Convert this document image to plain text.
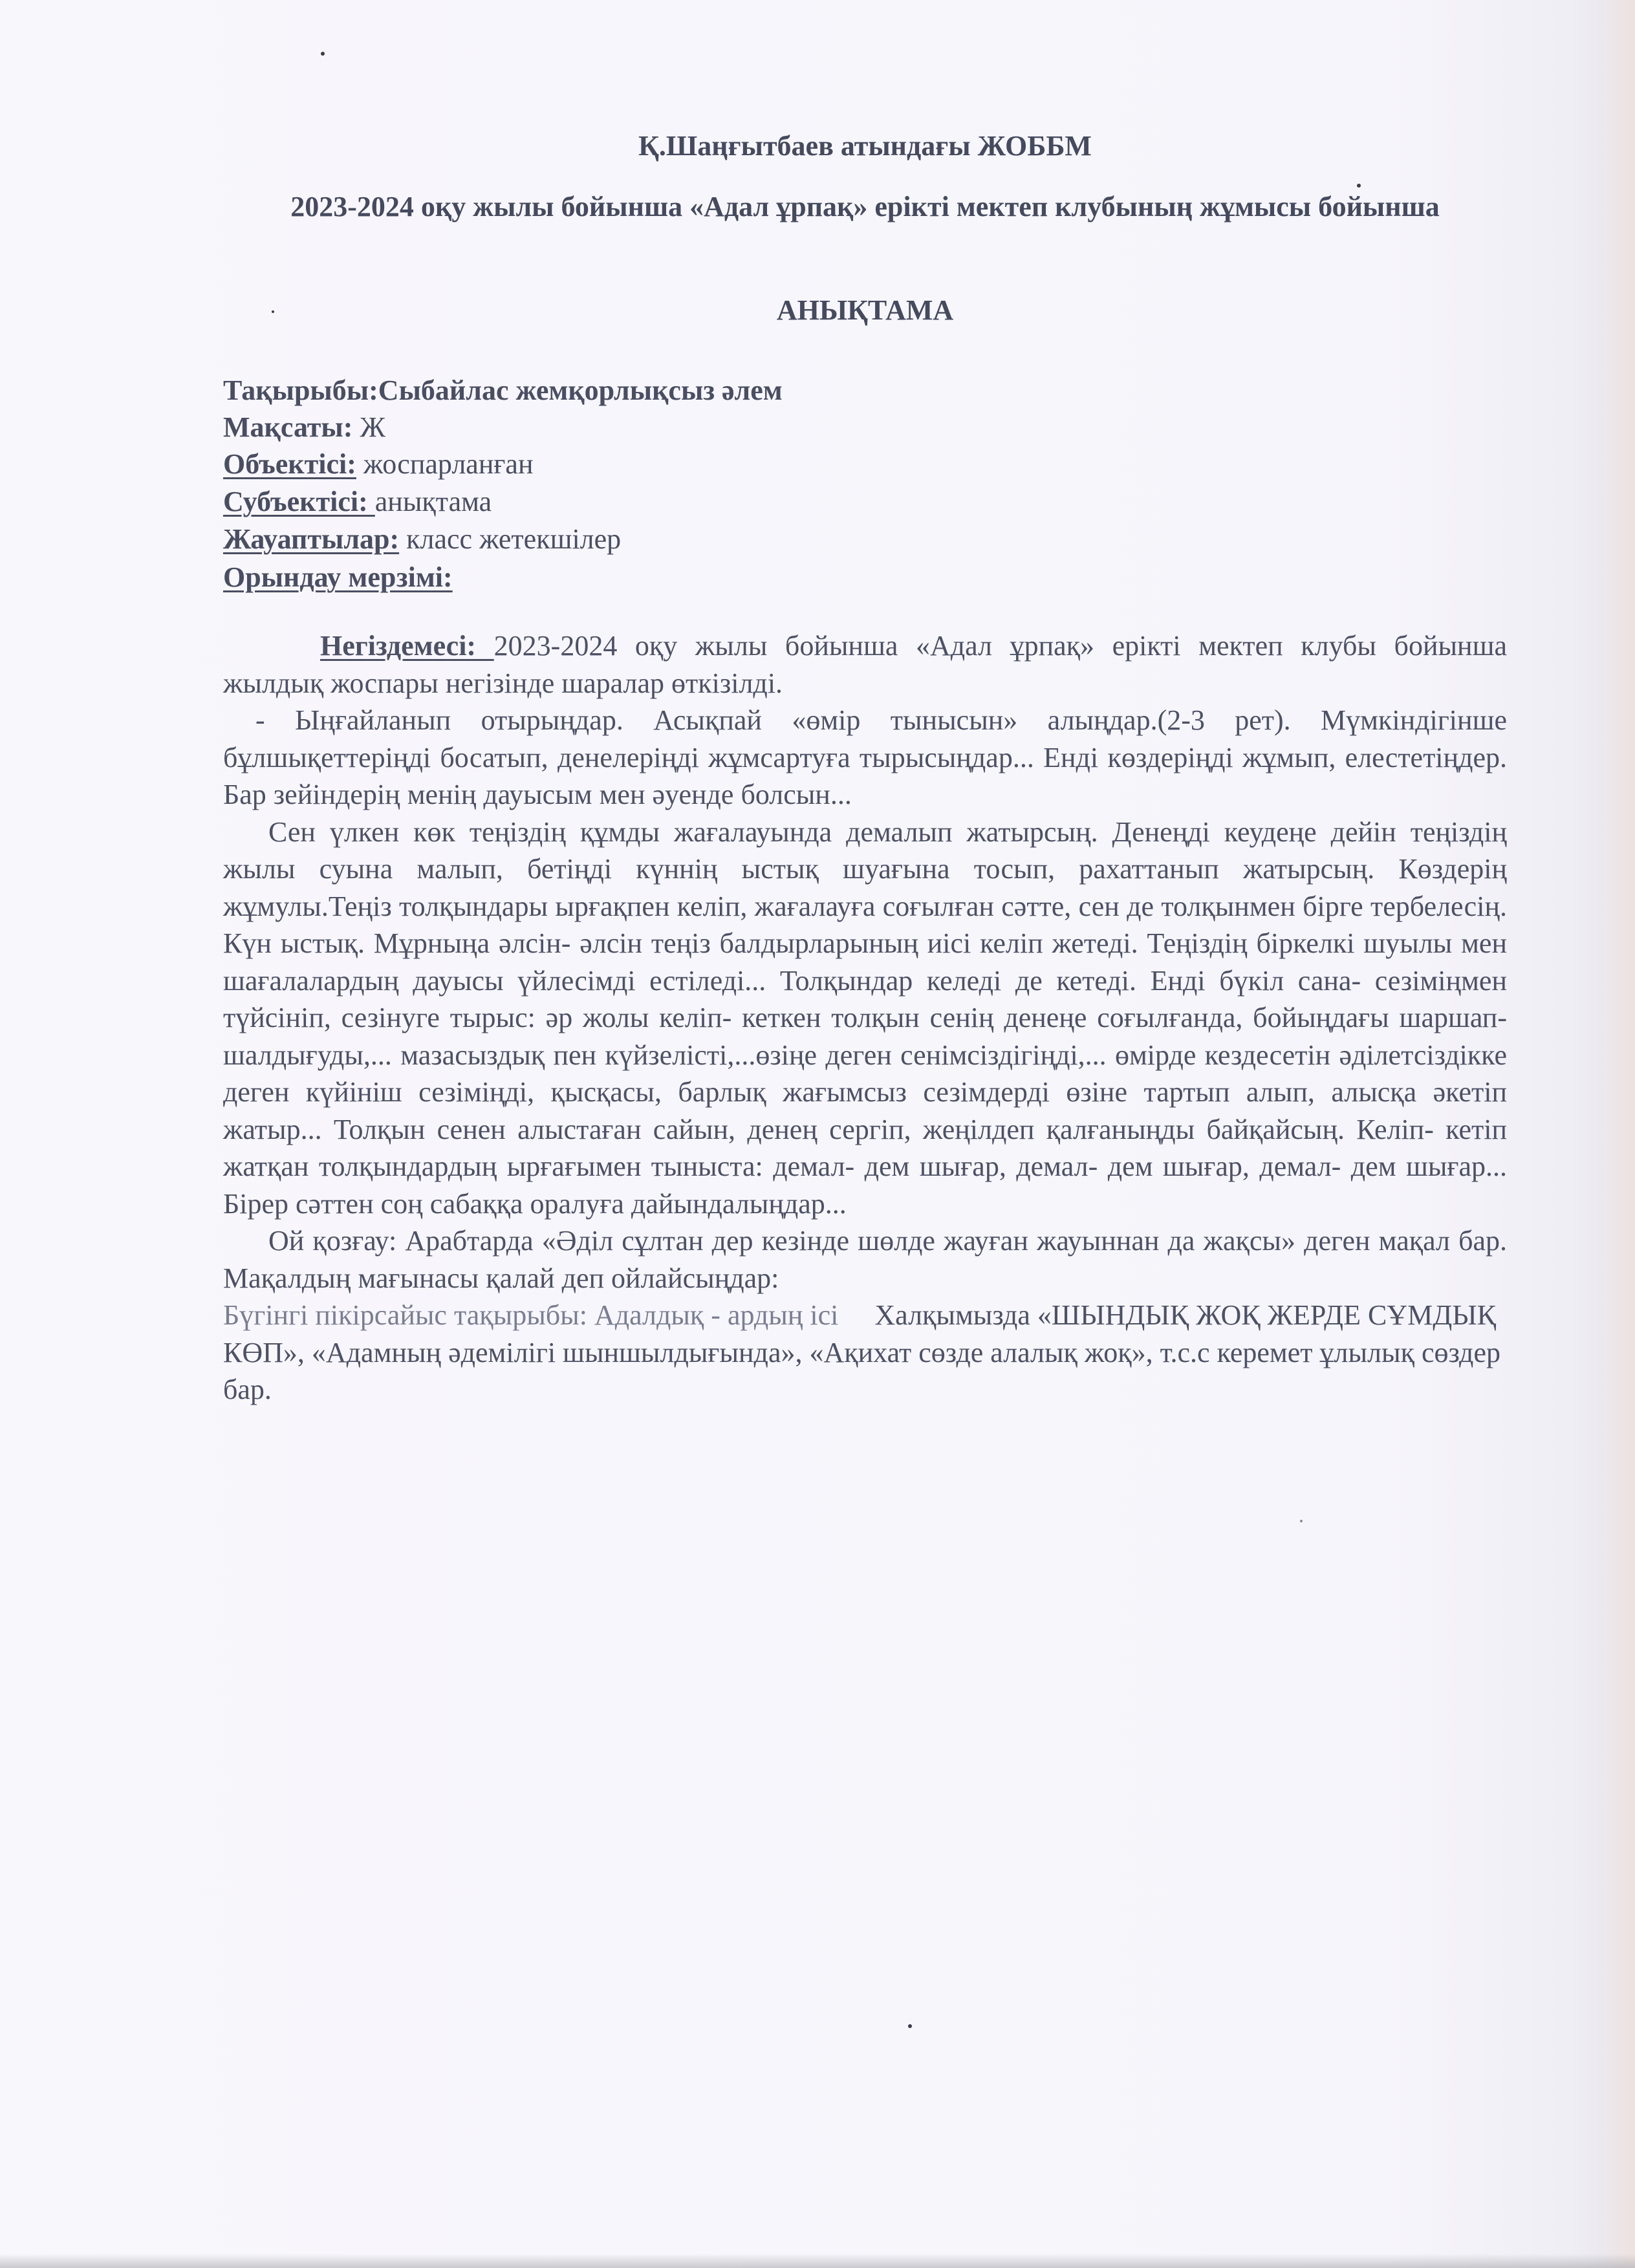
Қ.Шаңғытбаев атындағы ЖОББМ
2023-2024 оқу жылы бойынша «Адал ұрпақ» ерікті мектеп клубының жұмысы бойынша
АНЫҚТАМА
Тақырыбы:Сыбайлас жемқорлықсыз әлем
Мақсаты: Ж
Объектісі: жоспарланған
Субъектісі: анықтама
Жауаптылар: класс жетекшілер
Орындау мерзімі:

Негіздемесі: 2023-2024 оқу жылы бойынша «Адал ұрпақ» ерікті мектеп клубы бойынша жылдық жоспары негізінде шаралар өткізілді.

- Ыңғайланып отырыңдар. Асықпай «өмір тынысын» алыңдар.(2-3 рет). Мүмкіндігінше бұлшықеттеріңді босатып, денелеріңді жұмсартуға тырысыңдар... Енді көздеріңді жұмып, елестетіңдер. Бар зейіндерің менің дауысым мен әуенде болсын...

Сен үлкен көк теңіздің құмды жағалауында демалып жатырсың. Денеңді кеудеңе дейін теңіздің жылы суына малып, бетіңді күннің ыстық шуағына тосып, рахаттанып жатырсың. Көздерің жұмулы.Теңіз толқындары ырғақпен келіп, жағалауға соғылған сәтте, сен де толқынмен бірге тербелесің. Күн ыстық. Мұрныңа әлсін- әлсін теңіз балдырларының иісі келіп жетеді. Теңіздің біркелкі шуылы мен шағалалардың дауысы үйлесімді естіледі... Толқындар келеді де кетеді. Енді бүкіл сана- сезіміңмен түйсініп, сезінуге тырыс: әр жолы келіп- кеткен толқын сенің денеңе соғылғанда, бойыңдағы шаршап- шалдығуды,... мазасыздық пен күйзелісті,...өзіңе деген сенімсіздігіңді,... өмірде кездесетін әділетсіздікке деген күйініш сезіміңді, қысқасы, барлық жағымсыз сезімдерді өзіне тартып алып, алысқа әкетіп жатыр... Толқын сенен алыстаған сайын, денең сергіп, жеңілдеп қалғаныңды байқайсың. Келіп- кетіп жатқан толқындардың ырғағымен тыныста: демал- дем шығар, демал- дем шығар, демал- дем шығар... Бірер сәттен соң сабаққа оралуға дайындалыңдар...

Ой қозғау: Арабтарда «Әділ сұлтан дер кезінде шөлде жауған жауыннан да жақсы» деген мақал бар. Мақалдың мағынасы қалай деп ойлайсыңдар:

Бүгінгі пікірсайыс тақырыбы: Адалдық - ардың ісі Халқымызда «ШЫНДЫҚ ЖОҚ ЖЕРДЕ СҰМДЫҚ КӨП», «Адамның әдемілігі шыншылдығында», «Ақихат сөзде алалық жоқ», т.с.с керемет ұлылық сөздер бар.
